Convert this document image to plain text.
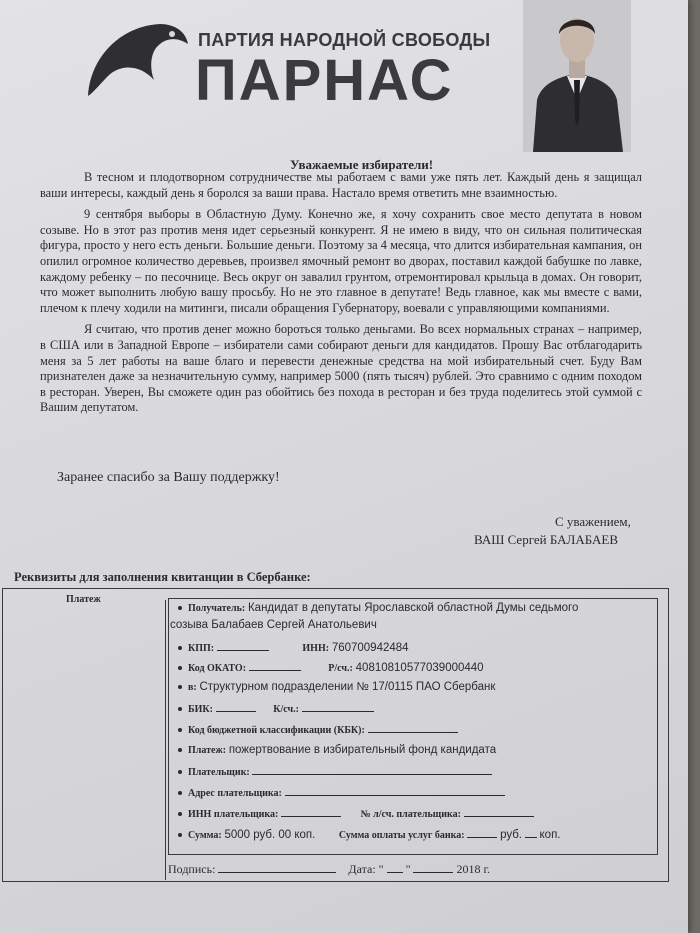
ПАРТИЯ НАРОДНОЙ СВОБОДЫ
ПАРНАС
Уважаемые избиратели!

В тесном и плодотворном сотрудничестве мы работаем с вами уже пять лет. Каждый день я защищал ваши интересы, каждый день я боролся за ваши права. Настало время ответить мне взаимностью.

9 сентября выборы в Областную Думу. Конечно же, я хочу сохранить свое место депутата в новом созыве. Но в этот раз против меня идет серьезный конкурент. Я не имею в виду, что он сильная политическая фигура, просто у него есть деньги. Большие деньги. Поэтому за 4 месяца, что длится избирательная кампания, он опилил огромное количество деревьев, произвел ямочный ремонт во дворах, поставил каждой бабушке по лавке, каждому ребенку – по песочнице. Весь округ он завалил грунтом, отремонтировал крыльца в домах. Он говорит, что может выполнить любую вашу просьбу. Но не это главное в депутате! Ведь главное, как мы вместе с вами, плечом к плечу ходили на митинги, писали обращения Губернатору, воевали с управляющими компаниями.

Я считаю, что против денег можно бороться только деньгами. Во всех нормальных странах – например, в США или в Западной Европе – избиратели сами собирают деньги для кандидатов. Прошу Вас отблагодарить меня за 5 лет работы на ваше благо и перевести денежные средства на мой избирательный счет. Буду Вам признателен даже за незначительную сумму, например 5000 (пять тысяч) рублей. Это сравнимо с одним походом в ресторан. Уверен, Вы сможете один раз обойтись без похода в ресторан и без труда поделитесь этой суммой с Вашим депутатом.

Заранее спасибо за Вашу поддержку!
С уважением,
ВАШ Сергей БАЛАБАЕВ
Реквизиты для заполнения квитанции в Сбербанке:
Платеж
Получатель: Кандидат в депутаты Ярославской областной Думы седьмого
созыва Балабаев Сергей Анатольевич
КПП:	ИНН: 760700942484
Код ОКАТО:	Р/сч.: 40810810577039000440
в: Структурном подразделении № 17/0115 ПАО Сбербанк
БИК:	К/сч.:
Код бюджетной классификации (КБК):
Платеж: пожертвование в избирательный фонд кандидата
Плательщик:
Адрес плательщика:
ИНН плательщика:	№ л/сч. плательщика:
Сумма: 5000 руб. 00 коп. Сумма оплаты услуг банка:	руб. коп.
Подпись:	Дата: " "	2018 г.
